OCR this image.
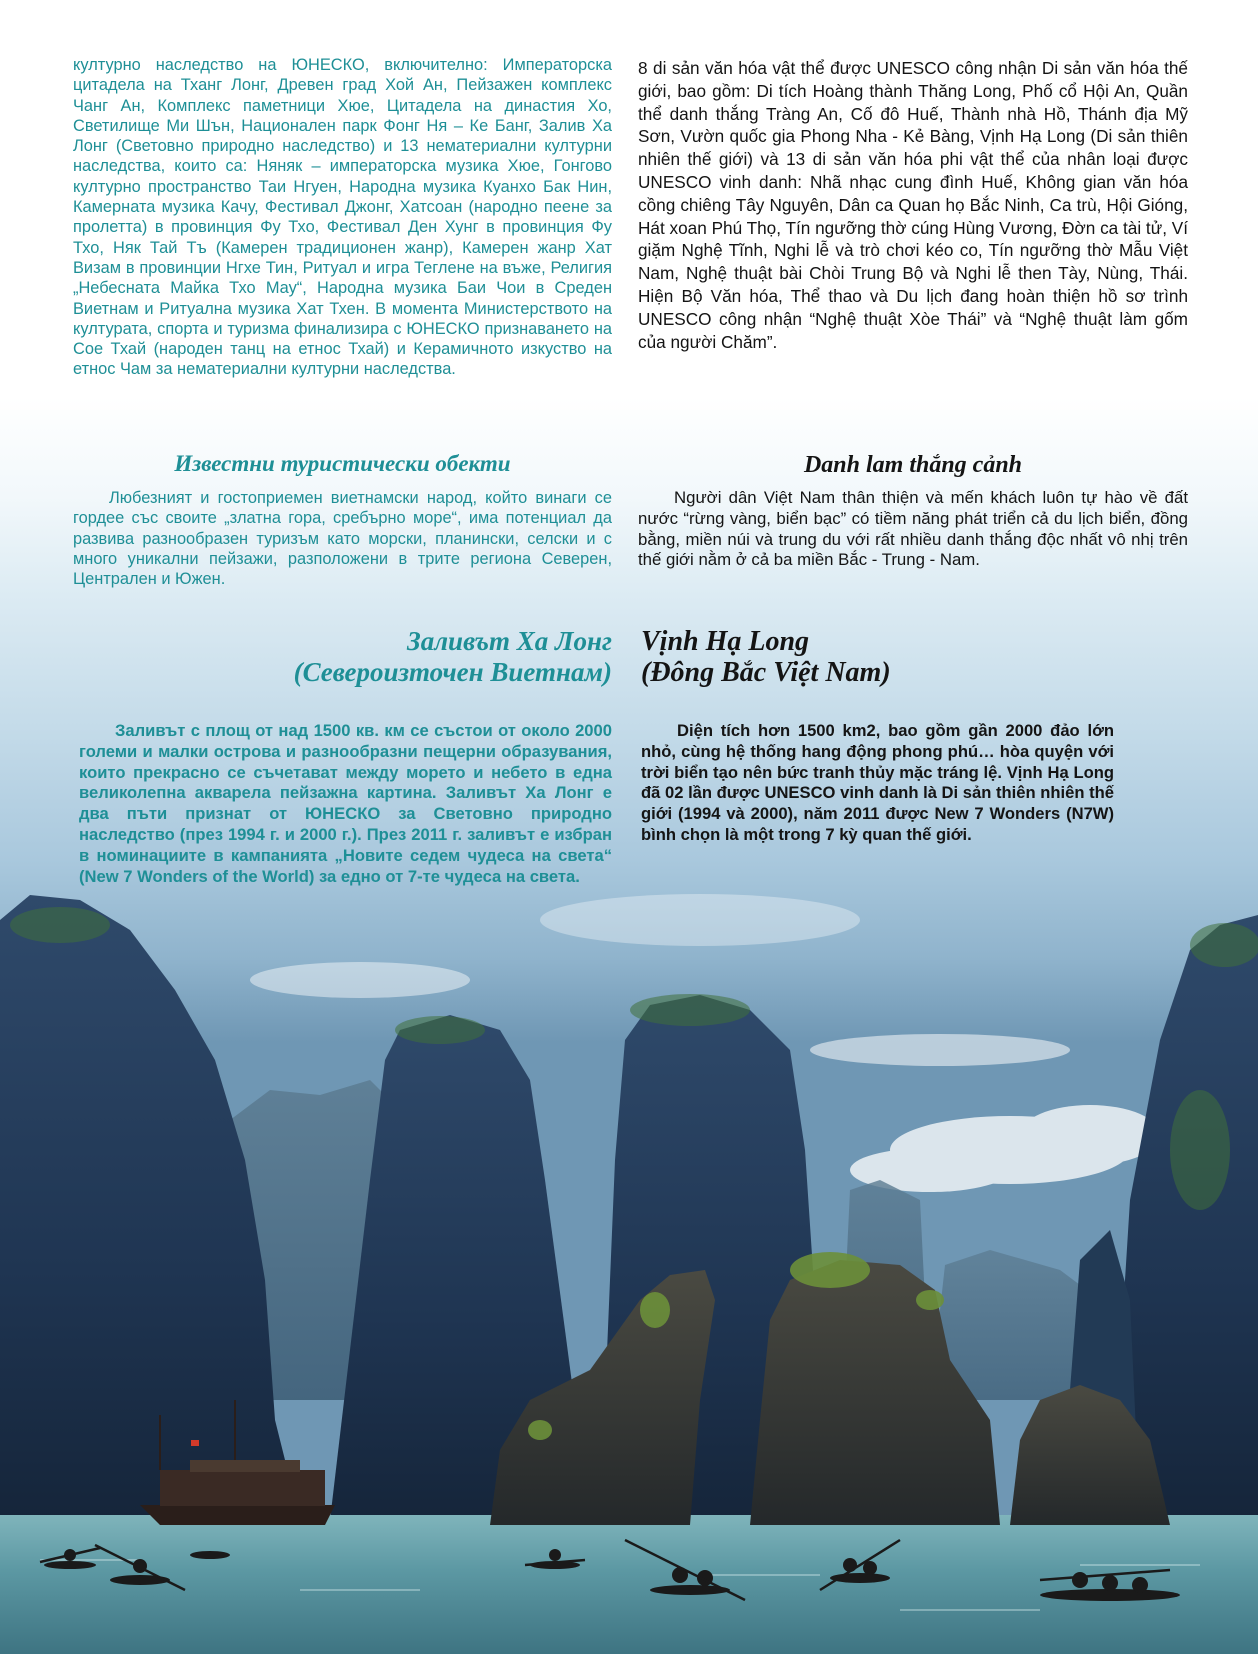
културно наследство на ЮНЕСКО, включително: Императорска цитадела на Тханг Лонг, Древен град Хой Ан, Пейзажен комплекс Чанг Ан, Комплекс паметници Хюе, Цитадела на династия Хо, Светилище Ми Шън, Национален парк Фонг Ня – Ке Банг, Залив Ха Лонг (Световно природно наследство) и 13 нематериални културни наследства, които са: Няняк – императорска музика Хюе, Гонгово културно пространство Таи Нгуен, Народна музика Куанхо Бак Нин, Камерната музика Качу, Фестивал Джонг, Хатсоан (народно пеене за пролетта) в провинция Фу Тхо, Фестивал Ден Хунг в провинция Фу Тхо, Няк Тай Тъ (Камерен традиционен жанр), Камерен жанр Хат Визам в провинции Нгхе Тин, Ритуал и игра Теглене на въже, Религия „Небесната Майка Тхо Мау“, Народна музика Баи Чои в Среден Виетнам и Ритуална музика Хат Тхен. В момента Министерството на културата, спорта и туризма финализира с ЮНЕСКО признаването на Сое Тхай (народен танц на етнос Тхай) и Керамичното изкуство на етнос Чам за нематериални културни наследства.

8 di sản văn hóa vật thể được UNESCO công nhận Di sản văn hóa thế giới, bao gồm: Di tích Hoàng thành Thăng Long, Phố cổ Hội An, Quần thể danh thắng Tràng An, Cố đô Huế, Thành nhà Hồ, Thánh địa Mỹ Sơn, Vườn quốc gia Phong Nha - Kẻ Bàng, Vịnh Hạ Long (Di sản thiên nhiên thế giới) và 13 di sản văn hóa phi vật thể của nhân loại được UNESCO vinh danh: Nhã nhạc cung đình Huế, Không gian văn hóa cồng chiêng Tây Nguyên, Dân ca Quan họ Bắc Ninh, Ca trù, Hội Gióng, Hát xoan Phú Thọ, Tín ngưỡng thờ cúng Hùng Vương, Đờn ca tài tử, Ví giặm Nghệ Tĩnh, Nghi lễ và trò chơi kéo co, Tín ngưỡng thờ Mẫu Việt Nam, Nghệ thuật bài Chòi Trung Bộ và Nghi lễ then Tày, Nùng, Thái. Hiện Bộ Văn hóa, Thể thao và Du lịch đang hoàn thiện hồ sơ trình UNESCO công nhận “Nghệ thuật Xòe Thái” và “Nghệ thuật làm gốm của người Chăm”.

Известни туристически обекти	Danh lam thắng cảnh

Любезният и гостоприемен виетнамски народ, който винаги се гордее със своите „златна гора, сребърно море“, има потенциал да развива разнообразен туризъм като морски, планински, селски и с много уникални пейзажи, разположени в трите региона Северен, Централен и Южен.

Người dân Việt Nam thân thiện và mến khách luôn tự hào về đất nước “rừng vàng, biển bạc” có tiềm năng phát triển cả du lịch biển, đồng bằng, miền núi và trung du với rất nhiều danh thắng độc nhất vô nhị trên thế giới nằm ở cả ba miền Bắc - Trung - Nam.

Заливът Ха Лонг
(Североизточен Виетнам)
Vịnh Hạ Long
(Đông Bắc Việt Nam)

Заливът с площ от над 1500 кв. км се състои от около 2000 големи и малки острова и разнообразни пещерни образувания, които прекрасно се съчетават между морето и небето в една великолепна акварела пейзажна картина. Заливът Ха Лонг е два пъти признат от ЮНЕСКО за Световно природно наследство (през 1994 г. и 2000 г.). През 2011 г. заливът е избран в номинациите в кампанията „Новите седем чудеса на света“ (New 7 Wonders of the World) за едно от 7-те чудеса на света.

Diện tích hơn 1500 km2, bao gồm gần 2000 đảo lớn nhỏ, cùng hệ thống hang động phong phú… hòa quyện với trời biển tạo nên bức tranh thủy mặc tráng lệ. Vịnh Hạ Long đã 02 lần được UNESCO vinh danh là Di sản thiên nhiên thế giới (1994 và 2000), năm 2011 được New 7 Wonders (N7W) bình chọn là một trong 7 kỳ quan thế giới.
